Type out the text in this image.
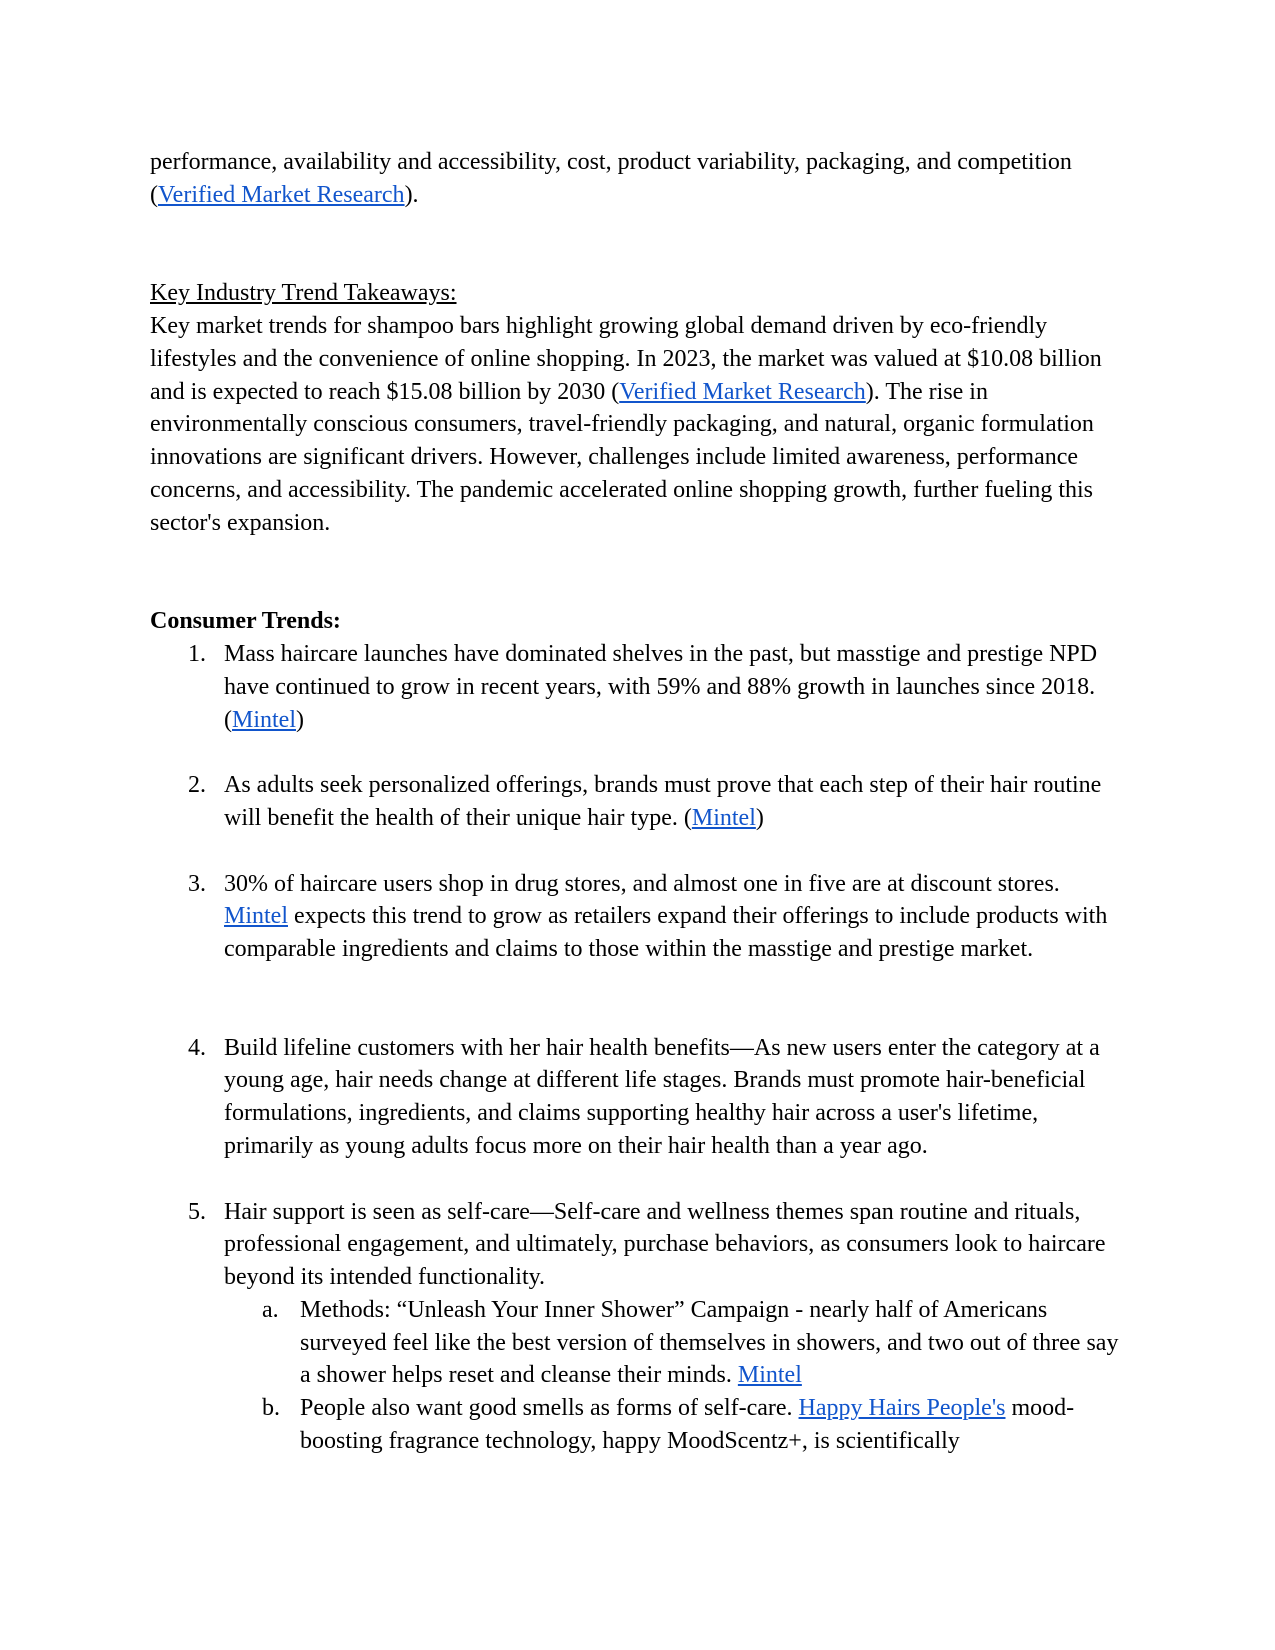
performance, availability and accessibility, cost, product variability, packaging, and competition (Verified Market Research).

Key Industry Trend Takeaways:

Key market trends for shampoo bars highlight growing global demand driven by eco-friendly lifestyles and the convenience of online shopping. In 2023, the market was valued at $10.08 billion and is expected to reach $15.08 billion by 2030 (Verified Market Research). The rise in environmentally conscious consumers, travel-friendly packaging, and natural, organic formulation innovations are significant drivers. However, challenges include limited awareness, performance concerns, and accessibility. The pandemic accelerated online shopping growth, further fueling this sector's expansion.

Consumer Trends:

1. Mass haircare launches have dominated shelves in the past, but masstige and prestige NPD have continued to grow in recent years, with 59% and 88% growth in launches since 2018. (Mintel)
2. As adults seek personalized offerings, brands must prove that each step of their hair routine will benefit the health of their unique hair type. (Mintel)
3. 30% of haircare users shop in drug stores, and almost one in five are at discount stores.
Mintel expects this trend to grow as retailers expand their offerings to include products with comparable ingredients and claims to those within the masstige and prestige market.
4. Build lifeline customers with her hair health benefits—As new users enter the category at a young age, hair needs change at different life stages. Brands must promote hair-beneficial formulations, ingredients, and claims supporting healthy hair across a user's lifetime, primarily as young adults focus more on their hair health than a year ago.
5. Hair support is seen as self-care—Self-care and wellness themes span routine and rituals, professional engagement, and ultimately, purchase behaviors, as consumers look to haircare beyond its intended functionality.
a. Methods: “Unleash Your Inner Shower” Campaign - nearly half of Americans surveyed feel like the best version of themselves in showers, and two out of three say a shower helps reset and cleanse their minds. Mintel
b. People also want good smells as forms of self-care. Happy Hairs People's mood-boosting fragrance technology, happy MoodScentz+, is scientifically
